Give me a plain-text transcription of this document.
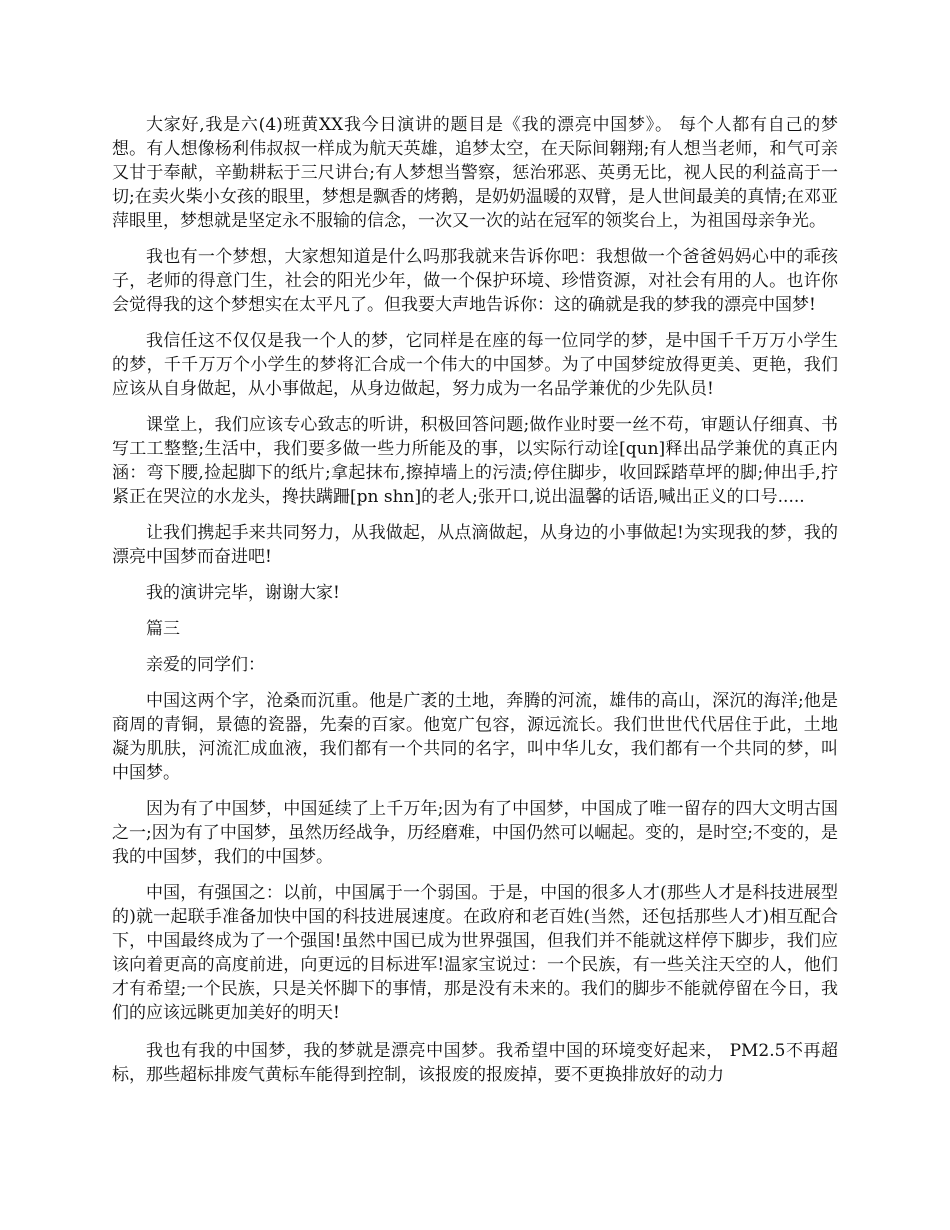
大家好,我是六(4)班黄XX我今日演讲的题目是《我的漂亮中国梦》。 每个人都有自己的梦想。有人想像杨利伟叔叔一样成为航天英雄，追梦太空，在天际间翱翔;有人想当老师，和气可亲又甘于奉献，辛勤耕耘于三尺讲台;有人梦想当警察，惩治邪恶、英勇无比，视人民的利益高于一切;在卖火柴小女孩的眼里，梦想是飘香的烤鹅，是奶奶温暖的双臂，是人世间最美的真情;在邓亚萍眼里，梦想就是坚定永不服输的信念，一次又一次的站在冠军的领奖台上，为祖国母亲争光。

我也有一个梦想，大家想知道是什么吗那我就来告诉你吧：我想做一个爸爸妈妈心中的乖孩子，老师的得意门生，社会的阳光少年，做一个保护环境、珍惜资源，对社会有用的人。也许你会觉得我的这个梦想实在太平凡了。但我要大声地告诉你：这的确就是我的梦我的漂亮中国梦!

我信任这不仅仅是我一个人的梦，它同样是在座的每一位同学的梦，是中国千千万万小学生的梦，千千万万个小学生的梦将汇合成一个伟大的中国梦。为了中国梦绽放得更美、更艳，我们应该从自身做起，从小事做起，从身边做起，努力成为一名品学兼优的少先队员!

课堂上，我们应该专心致志的听讲，积极回答问题;做作业时要一丝不苟，审题认仔细真、书写工工整整;生活中，我们要多做一些力所能及的事，以实际行动诠[qun]释出品学兼优的真正内涵：弯下腰,捡起脚下的纸片;拿起抹布,擦掉墙上的污渍;停住脚步，收回踩踏草坪的脚;伸出手,拧紧正在哭泣的水龙头，搀扶蹒跚[pn shn]的老人;张开口,说出温馨的话语,喊出正义的口号.....

让我们携起手来共同努力，从我做起，从点滴做起，从身边的小事做起!为实现我的梦，我的漂亮中国梦而奋进吧!

我的演讲完毕，谢谢大家!

篇三

亲爱的同学们：

中国这两个字，沧桑而沉重。他是广袤的土地，奔腾的河流，雄伟的高山，深沉的海洋;他是商周的青铜，景德的瓷器，先秦的百家。他宽广包容，源远流长。我们世世代代居住于此，土地凝为肌肤，河流汇成血液，我们都有一个共同的名字，叫中华儿女，我们都有一个共同的梦，叫中国梦。

因为有了中国梦，中国延续了上千万年;因为有了中国梦，中国成了唯一留存的四大文明古国之一;因为有了中国梦，虽然历经战争，历经磨难，中国仍然可以崛起。变的，是时空;不变的，是我的中国梦，我们的中国梦。

中国，有强国之：以前，中国属于一个弱国。于是，中国的很多人才(那些人才是科技进展型的)就一起联手准备加快中国的科技进展速度。在政府和老百姓(当然，还包括那些人才)相互配合下，中国最终成为了一个强国!虽然中国已成为世界强国，但我们并不能就这样停下脚步，我们应该向着更高的高度前进，向更远的目标进军!温家宝说过：一个民族，有一些关注天空的人，他们才有希望;一个民族，只是关怀脚下的事情，那是没有未来的。我们的脚步不能就停留在今日，我们的应该远眺更加美好的明天!

我也有我的中国梦，我的梦就是漂亮中国梦。我希望中国的环境变好起来， PM2.5不再超标，那些超标排废气黄标车能得到控制，该报废的报废掉，要不更换排放好的动力
